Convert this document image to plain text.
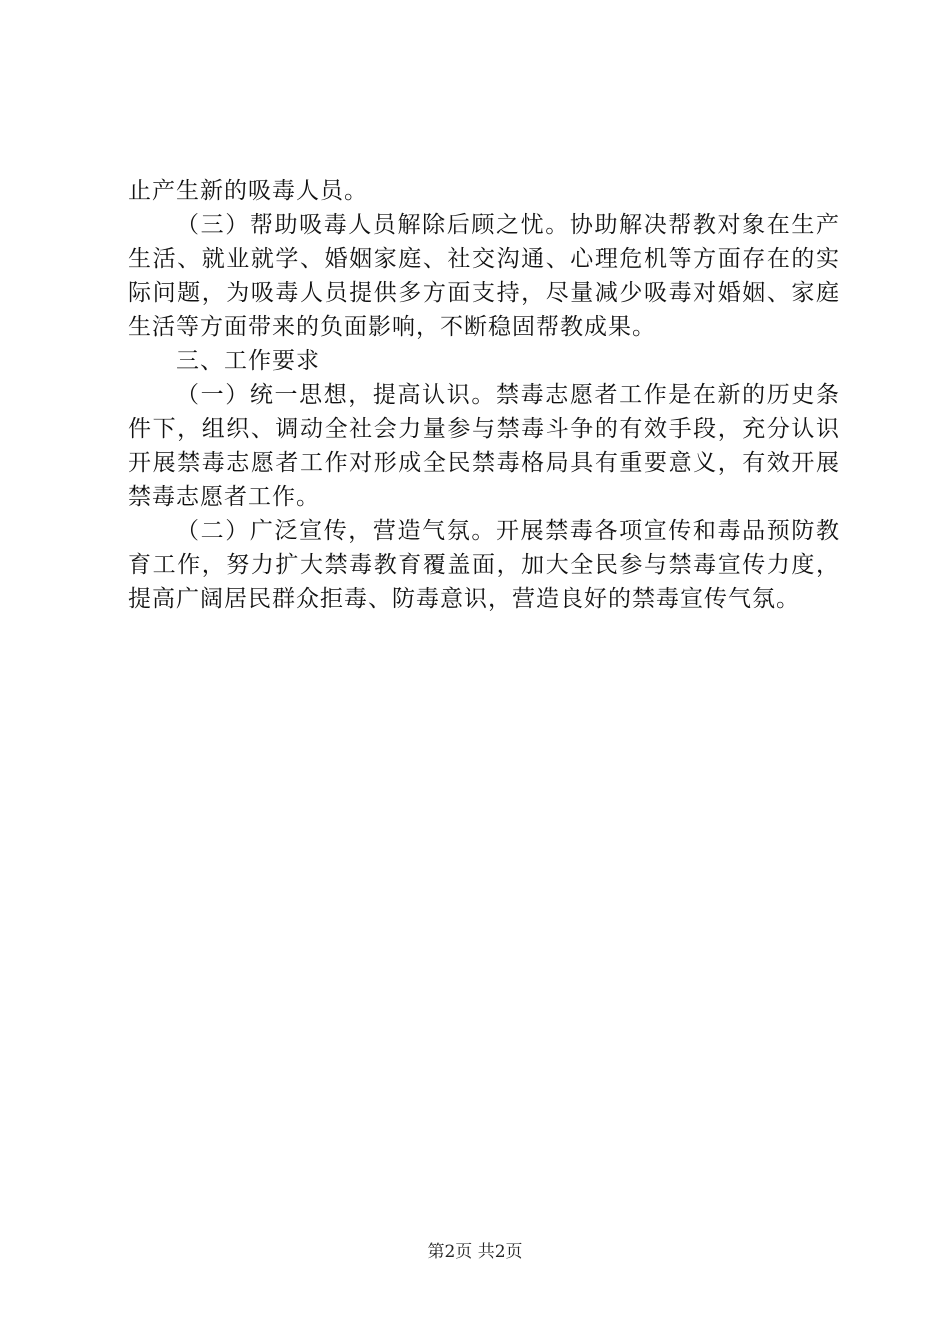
止产生新的吸毒人员。

（三）帮助吸毒人员解除后顾之忧。协助解决帮教对象在生产生活、就业就学、婚姻家庭、社交沟通、心理危机等方面存在的实际问题，为吸毒人员提供多方面支持，尽量减少吸毒对婚姻、家庭生活等方面带来的负面影响，不断稳固帮教成果。

三、工作要求

（一）统一思想，提高认识。禁毒志愿者工作是在新的历史条件下，组织、调动全社会力量参与禁毒斗争的有效手段，充分认识开展禁毒志愿者工作对形成全民禁毒格局具有重要意义，有效开展禁毒志愿者工作。

（二）广泛宣传，营造气氛。开展禁毒各项宣传和毒品预防教育工作，努力扩大禁毒教育覆盖面，加大全民参与禁毒宣传力度，提高广阔居民群众拒毒、防毒意识，营造良好的禁毒宣传气氛。

第2页 共2页
